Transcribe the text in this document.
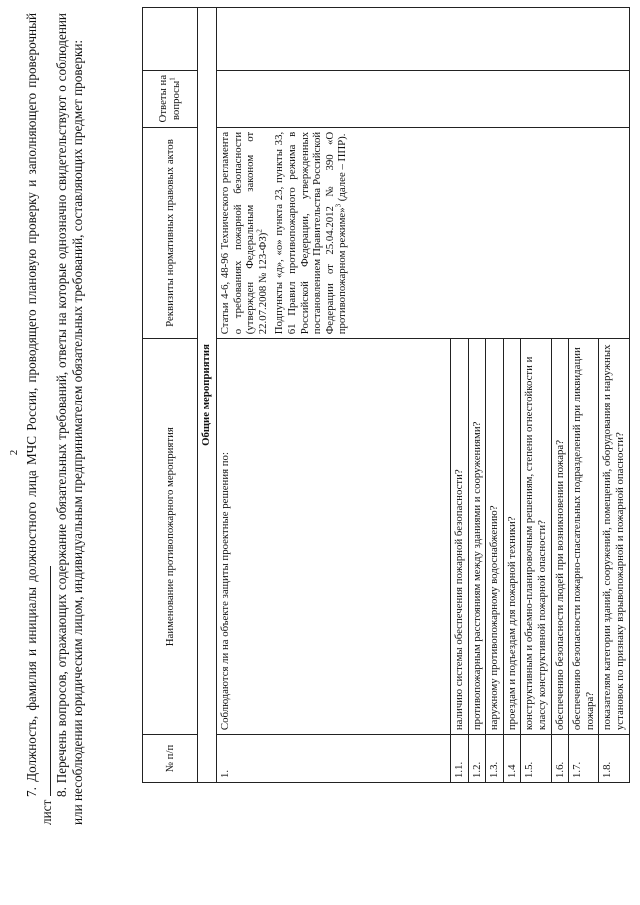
2 7. Должность, фамилия и инициалы должностного лица МЧС России, проводящего плановую проверку и заполняющего проверочный лист

8. Перечень вопросов, отражающих содержание обязательных требований, ответы на которые однозначно свидетельствуют о соблюдении или несоблюдении юридическим лицом, индивидуальным предпринимателем обязательных требований, составляющих предмет проверки:	№ п/п	Наименование противопожарного мероприятия	Реквизиты нормативных правовых актов	Ответы на вопросы$^1$	
Общие мероприятия				
1.	Соблюдаются ли на объекте защиты проектные решения по:	Статьи 4-6, 48-96 Технического регламента о требованиях пожарной безопасности (утвержден Федеральным законом от 22.07.2008 № 123-ФЗ)$^2$ Подпункты «д», «о» пункта 23, пункты 33, 61 Правил противопожарного режима в Российской Федерации, утвержденных постановлением Правительства Российской Федерации от 25.04.2012 № 390 «О противопожарном режиме»$^3$ (далее – ППР).		

1.1.	наличию системы обеспечения пожарной безопасности?			
1.2.	противопожарным расстояниям между зданиями и сооружениями?			
1.3.	наружному противопожарному водоснабжению?			
1.4	проездам и подъездам для пожарной техники?			
1.5.	конструктивным и объемно-планировочным решениям, степени огнестойкости и классу конструктивной пожарной опасности?			
1.6.	обеспечению безопасности людей при возникновении пожара?			
1.7.	обеспечению безопасности пожарно-спасательных подразделений при ликвидации пожара?			
1.8.	показателям категории зданий, сооружений, помещений, оборудования и наружных установок по признаку взрывопожарной и пожарной опасности?			
